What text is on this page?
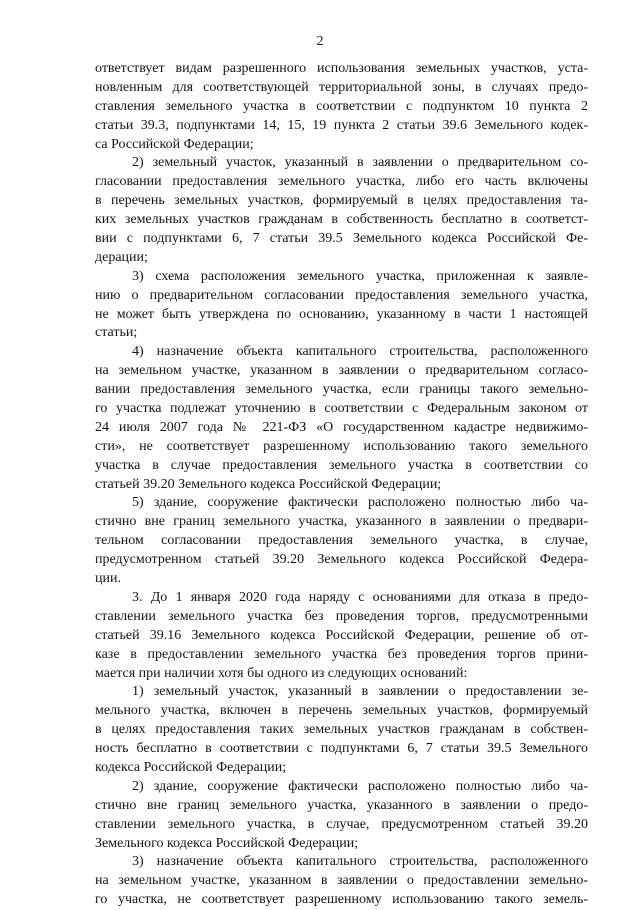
2
ответствует видам разрешенного использования земельных участков, уста-
новленным для соответствующей территориальной зоны, в случаях предо-
ставления земельного участка в соответствии с подпунктом 10 пункта 2
статьи 39.3, подпунктами 14, 15, 19 пункта 2 статьи 39.6 Земельного кодек-
са Российской Федерации;
2) земельный участок, указанный в заявлении о предварительном со-
гласовании предоставления земельного участка, либо его часть включены
в перечень земельных участков, формируемый в целях предоставления та-
ких земельных участков гражданам в собственность бесплатно в соответст-
вии с подпунктами 6, 7 статьи 39.5 Земельного кодекса Российской Фе-
дерации;
3) схема расположения земельного участка, приложенная к заявле-
нию о предварительном согласовании предоставления земельного участка,
не может быть утверждена по основанию, указанному в части 1 настоящей
статьи;
4) назначение объекта капитального строительства, расположенного
на земельном участке, указанном в заявлении о предварительном согласо-
вании предоставления земельного участка, если границы такого земельно-
го участка подлежат уточнению в соответствии с Федеральным законом от
24 июля 2007 года № 221-ФЗ «О государственном кадастре недвижимо-
сти», не соответствует разрешенному использованию такого земельного
участка в случае предоставления земельного участка в соответствии со
статьей 39.20 Земельного кодекса Российской Федерации;
5) здание, сооружение фактически расположено полностью либо ча-
стично вне границ земельного участка, указанного в заявлении о предвари-
тельном согласовании предоставления земельного участка, в случае,
предусмотренном статьей 39.20 Земельного кодекса Российской Федера-
ции.
3. До 1 января 2020 года наряду с основаниями для отказа в предо-
ставлении земельного участка без проведения торгов, предусмотренными
статьей 39.16 Земельного кодекса Российской Федерации, решение об от-
казе в предоставлении земельного участка без проведения торгов прини-
мается при наличии хотя бы одного из следующих оснований:
1) земельный участок, указанный в заявлении о предоставлении зе-
мельного участка, включен в перечень земельных участков, формируемый
в целях предоставления таких земельных участков гражданам в собствен-
ность бесплатно в соответствии с подпунктами 6, 7 статьи 39.5 Земельного
кодекса Российской Федерации;
2) здание, сооружение фактически расположено полностью либо ча-
стично вне границ земельного участка, указанного в заявлении о предо-
ставлении земельного участка, в случае, предусмотренном статьей 39.20
Земельного кодекса Российской Федерации;
3) назначение объекта капитального строительства, расположенного
на земельном участке, указанном в заявлении о предоставлении земельно-
го участка, не соответствует разрешенному использованию такого земель-
